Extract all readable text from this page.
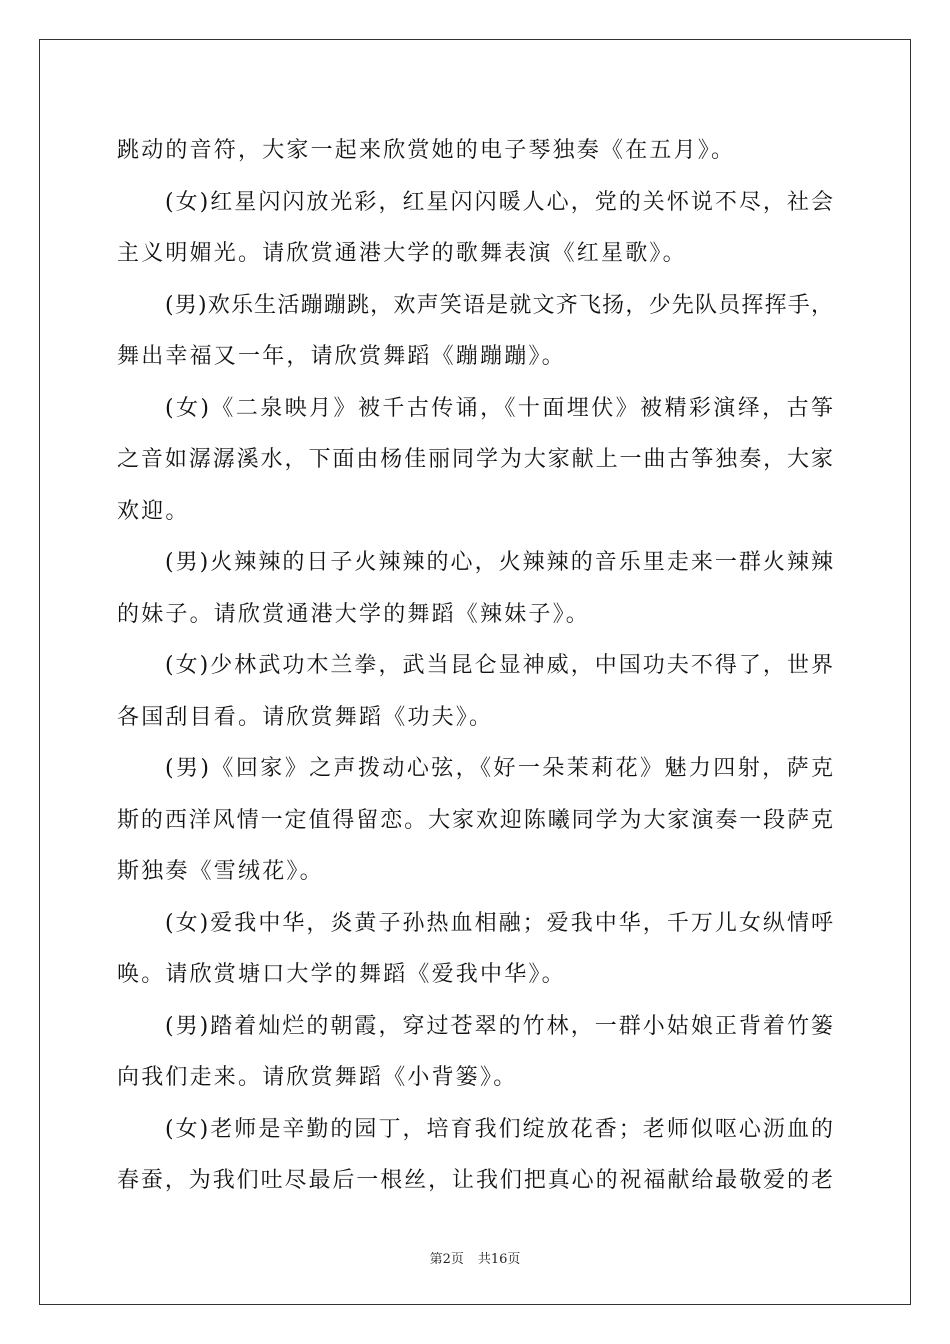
跳动的音符，大家一起来欣赏她的电子琴独奏《在五月》。
(女)红星闪闪放光彩，红星闪闪暖人心，党的关怀说不尽，社会
主义明媚光。请欣赏通港大学的歌舞表演《红星歌》。
(男)欢乐生活蹦蹦跳，欢声笑语是就文齐飞扬，少先队员挥挥手，
舞出幸福又一年，请欣赏舞蹈《蹦蹦蹦》。
(女)《二泉映月》被千古传诵，《十面埋伏》被精彩演绎，古筝
之音如潺潺溪水，下面由杨佳丽同学为大家献上一曲古筝独奏，大家
欢迎。
(男)火辣辣的日子火辣辣的心，火辣辣的音乐里走来一群火辣辣
的妹子。请欣赏通港大学的舞蹈《辣妹子》。
(女)少林武功木兰拳，武当昆仑显神威，中国功夫不得了，世界
各国刮目看。请欣赏舞蹈《功夫》。
(男)《回家》之声拨动心弦，《好一朵茉莉花》魅力四射，萨克
斯的西洋风情一定值得留恋。大家欢迎陈曦同学为大家演奏一段萨克
斯独奏《雪绒花》。
(女)爱我中华，炎黄子孙热血相融；爱我中华，千万儿女纵情呼
唤。请欣赏塘口大学的舞蹈《爱我中华》。
(男)踏着灿烂的朝霞，穿过苍翠的竹林，一群小姑娘正背着竹篓
向我们走来。请欣赏舞蹈《小背篓》。
(女)老师是辛勤的园丁，培育我们绽放花香；老师似呕心沥血的
春蚕，为我们吐尽最后一根丝，让我们把真心的祝福献给最敬爱的老
第2页 共16页
